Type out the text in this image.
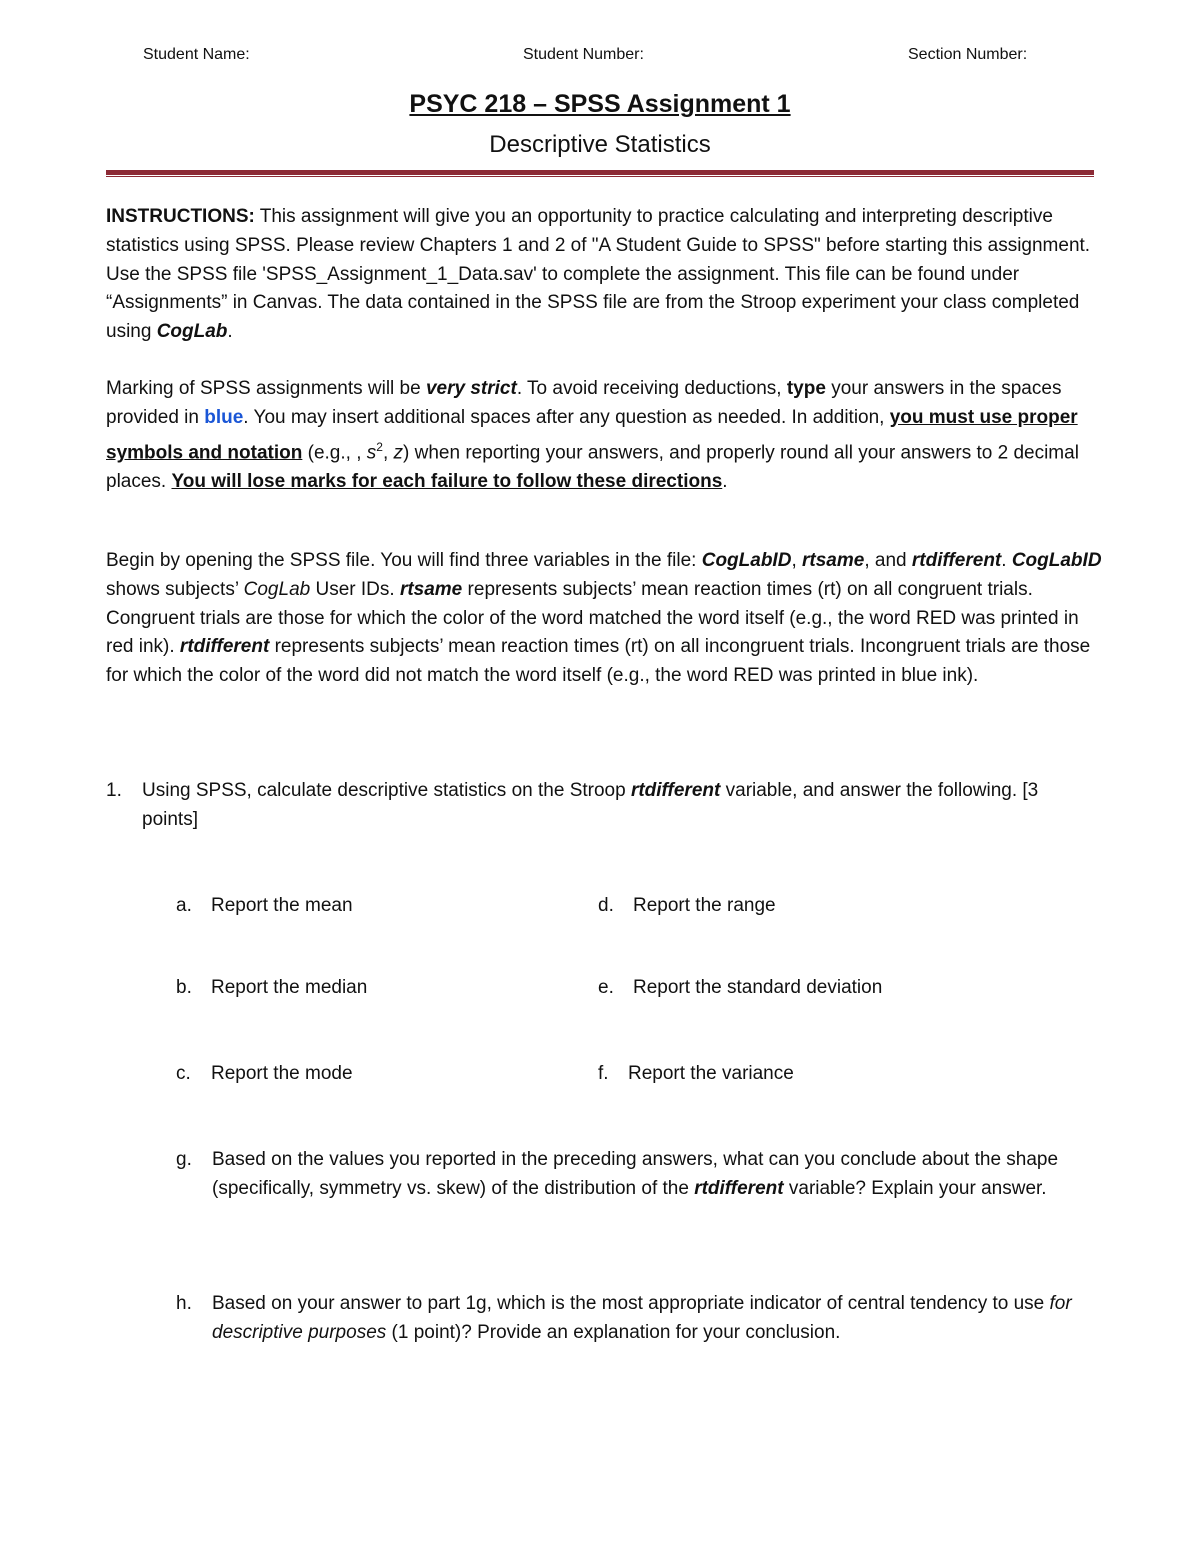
Student Name:	Student Number:	Section Number:
PSYC 218 – SPSS Assignment 1
Descriptive Statistics
INSTRUCTIONS: This assignment will give you an opportunity to practice calculating and interpreting descriptive statistics using SPSS. Please review Chapters 1 and 2 of "A Student Guide to SPSS" before starting this assignment. Use the SPSS file 'SPSS_Assignment_1_Data.sav' to complete the assignment. This file can be found under “Assignments” in Canvas. The data contained in the SPSS file are from the Stroop experiment your class completed using CogLab.
Marking of SPSS assignments will be very strict. To avoid receiving deductions, type your answers in the spaces provided in blue. You may insert additional spaces after any question as needed. In addition, you must use proper symbols and notation (e.g., , $s^2$, z) when reporting your answers, and properly round all your answers to 2 decimal places. You will lose marks for each failure to follow these directions.
Begin by opening the SPSS file. You will find three variables in the file: CogLabID, rtsame, and rtdifferent. CogLabID shows subjects’ CogLab User IDs. rtsame represents subjects’ mean reaction times (rt) on all congruent trials. Congruent trials are those for which the color of the word matched the word itself (e.g., the word RED was printed in red ink). rtdifferent represents subjects’ mean reaction times (rt) on all incongruent trials. Incongruent trials are those for which the color of the word did not match the word itself (e.g., the word RED was printed in blue ink).
1. Using SPSS, calculate descriptive statistics on the Stroop rtdifferent variable, and answer the following. [3 points]
a. Report the mean
b. Report the median
c. Report the mode
d. Report the range
e. Report the standard deviation
f. Report the variance
g. Based on the values you reported in the preceding answers, what can you conclude about the shape (specifically, symmetry vs. skew) of the distribution of the rtdifferent variable? Explain your answer.
h. Based on your answer to part 1g, which is the most appropriate indicator of central tendency to use for descriptive purposes (1 point)? Provide an explanation for your conclusion.
